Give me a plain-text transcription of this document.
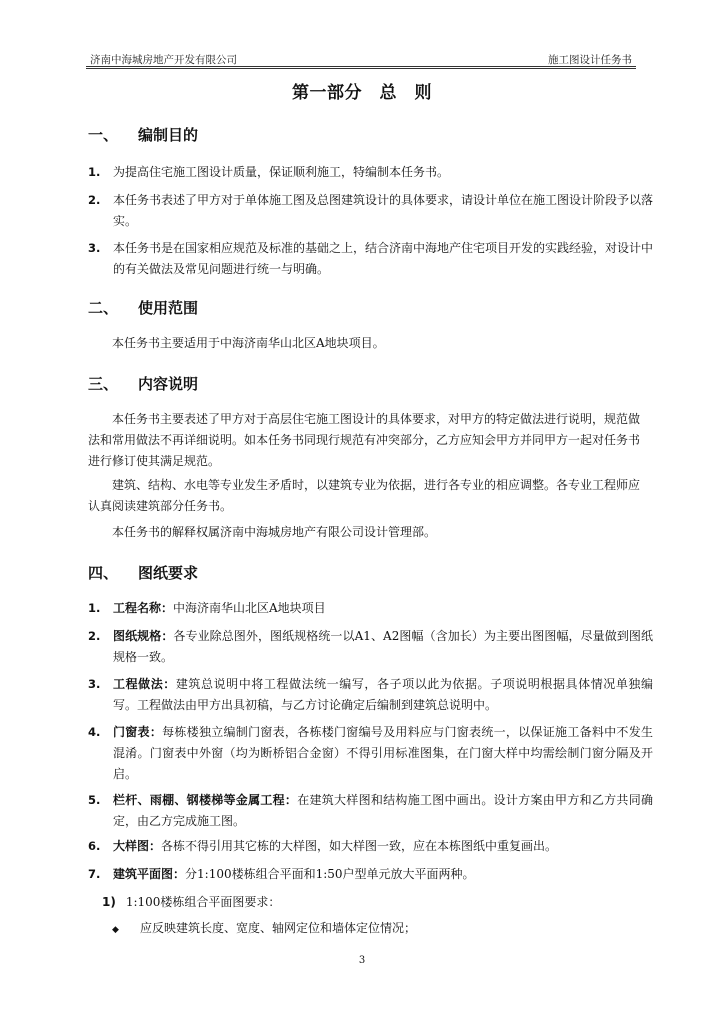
济南中海城房地产开发有限公司	施工图设计任务书
第一部分　总　则
一、 编制目的
1. 为提高住宅施工图设计质量，保证顺利施工，特编制本任务书。
2. 本任务书表述了甲方对于单体施工图及总图建筑设计的具体要求，请设计单位在施工图设计阶段予以落实。
3. 本任务书是在国家相应规范及标准的基础之上，结合济南中海地产住宅项目开发的实践经验，对设计中的有关做法及常见问题进行统一与明确。
二、 使用范围
本任务书主要适用于中海济南华山北区A地块项目。
三、 内容说明
本任务书主要表述了甲方对于高层住宅施工图设计的具体要求，对甲方的特定做法进行说明，规范做法和常用做法不再详细说明。如本任务书同现行规范有冲突部分，乙方应知会甲方并同甲方一起对任务书进行修订使其满足规范。
建筑、结构、水电等专业发生矛盾时，以建筑专业为依据，进行各专业的相应调整。各专业工程师应认真阅读建筑部分任务书。
本任务书的解释权属济南中海城房地产有限公司设计管理部。
四、 图纸要求
1. 工程名称：中海济南华山北区A地块项目
2. 图纸规格：各专业除总图外，图纸规格统一以A1、A2图幅（含加长）为主要出图图幅，尽量做到图纸规格一致。
3. 工程做法：建筑总说明中将工程做法统一编写，各子项以此为依据。子项说明根据具体情况单独编写。工程做法由甲方出具初稿，与乙方讨论确定后编制到建筑总说明中。
4. 门窗表：每栋楼独立编制门窗表，各栋楼门窗编号及用料应与门窗表统一，以保证施工备料中不发生混淆。门窗表中外窗（均为断桥铝合金窗）不得引用标准图集，在门窗大样中均需绘制门窗分隔及开启。
5. 栏杆、雨棚、钢楼梯等金属工程：在建筑大样图和结构施工图中画出。设计方案由甲方和乙方共同确定，由乙方完成施工图。
6. 大样图：各栋不得引用其它栋的大样图，如大样图一致，应在本栋图纸中重复画出。
7. 建筑平面图：分1:100楼栋组合平面和1:50户型单元放大平面两种。
1) 1:100楼栋组合平面图要求：
◆ 应反映建筑长度、宽度、轴网定位和墙体定位情况；
3
